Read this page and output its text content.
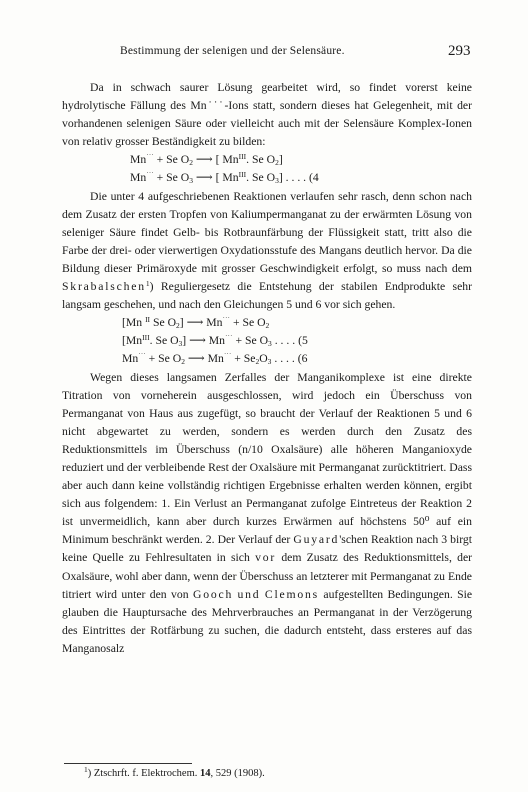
Bestimmung der selenigen und der Selensäure.	293

Da in schwach saurer Lösung gearbeitet wird, so findet vorerst keine hydrolytische Fällung des Mn˙˙˙-Ions statt, sondern dieses hat Gelegenheit, mit der vorhandenen selenigen Säure oder vielleicht auch mit der Selensäure Komplex-Ionen von relativ grosser Beständigkeit zu bilden:

Mn˙˙˙ + Se $O_2$ ⟶ [ $Mn^{III}$. Se $O_2$]
Mn˙˙˙ + Se $O_3$ ⟶ [ $Mn^{III}$. Se $O_3$] . . . . (4

Die unter 4 aufgeschriebenen Reaktionen verlaufen sehr rasch, denn schon nach dem Zusatz der ersten Tropfen von Kaliumpermanganat zu der erwärmten Lösung von seleniger Säure findet Gelb- bis Rotbraunfärbung der Flüssigkeit statt, tritt also die Farbe der drei- oder vierwertigen Oxydationsstufe des Mangans deutlich hervor. Da die Bildung dieser Primäroxyde mit grosser Geschwindigkeit erfolgt, so muss nach dem Skrabalschen$^1$) Reguliergesetz die Entstehung der stabilen Endprodukte sehr langsam geschehen, und nach den Gleichungen 5 und 6 vor sich gehen.

[Mn $^{II}$ Se $O_2$] ⟶ Mn˙˙˙ + Se $O_2$
[$Mn^{III}$. Se $O_3$] ⟶ Mn˙˙˙ + Se $O_3$ . . . . (5
Mn˙˙˙ + Se $O_2$ ⟶ $Mn^{˙˙˙} + Se_2O_3$ . . . . (6

Wegen dieses langsamen Zerfalles der Manganikomplexe ist eine direkte Titration von vorneherein ausgeschlossen, wird jedoch ein Überschuss von Permanganat von Haus aus zugefügt, so braucht der Verlauf der Reaktionen 5 und 6 nicht abgewartet zu werden, sondern es werden durch den Zusatz des Reduktionsmittels im Überschuss (n/10 Oxalsäure) alle höheren Manganioxyde reduziert und der verbleibende Rest der Oxalsäure mit Permanganat zurücktitriert. Dass aber auch dann keine vollständig richtigen Ergebnisse erhalten werden können, ergibt sich aus folgendem: 1. Ein Verlust an Permanganat zufolge Eintreteus der Reaktion 2 ist unvermeidlich, kann aber durch kurzes Erwärmen auf höchstens 50⁰ auf ein Minimum beschränkt werden. 2. Der Verlauf der Guyard'schen Reaktion nach 3 birgt keine Quelle zu Fehlresultaten in sich vor dem Zusatz des Reduktionsmittels, der Oxalsäure, wohl aber dann, wenn der Überschuss an letzterer mit Permanganat zu Ende titriert wird unter den von Gooch und Clemons aufgestellten Bedingungen. Sie glauben die Hauptursache des Mehrverbrauches an Permanganat in der Verzögerung des Eintrittes der Rotfärbung zu suchen, die dadurch entsteht, dass ersteres auf das Manganosalz

$^1$) Ztschrft. f. Elektrochem. 14, 529 (1908).
